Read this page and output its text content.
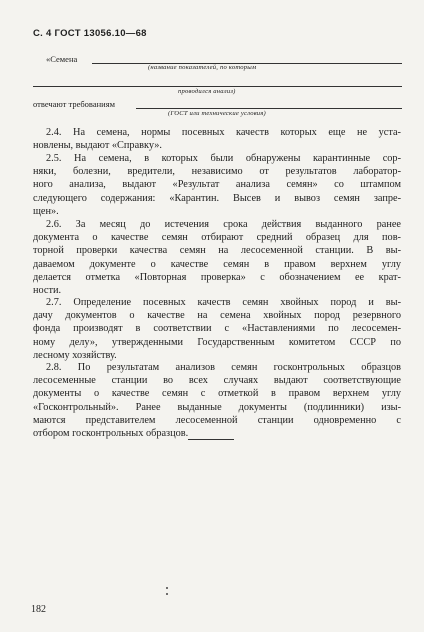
С. 4 ГОСТ 13056.10—68
«Семена
(название показателей, по которым
проводился анализ)
отвечают требованиям
(ГОСТ или технические условия)
2.4. На семена, нормы посевных качеств которых еще не уста-
новлены, выдают «Справку».
2.5. На семена, в которых были обнаружены карантинные сор-
няки, болезни, вредители, независимо от результатов лаборатор-
ного анализа, выдают «Результат анализа семян» со штампом
следующего содержания: «Карантин. Высев и вывоз семян запре-
щен».
2.6. За месяц до истечения срока действия выданного ранее
документа о качестве семян отбирают средний образец для пов-
торной проверки качества семян на лесосеменной станции. В вы-
даваемом документе о качестве семян в правом верхнем углу
делается отметка «Повторная проверка» с обозначением ее крат-
ности.
2.7. Определение посевных качеств семян хвойных пород и вы-
дачу документов о качестве на семена хвойных пород резервного
фонда производят в соответствии с «Наставлениями по лесосемен-
ному делу», утвержденными Государственным комитетом СССР по
лесному хозяйству.
2.8. По результатам анализов семян госконтрольных образцов
лесосеменные станции во всех случаях выдают соответствующие
документы о качестве семян с отметкой в правом верхнем углу
«Госконтрольный». Ранее выданные документы (подлинники) изы-
маются представителем лесосеменной станции одновременно с
отбором госконтрольных образцов.
182
